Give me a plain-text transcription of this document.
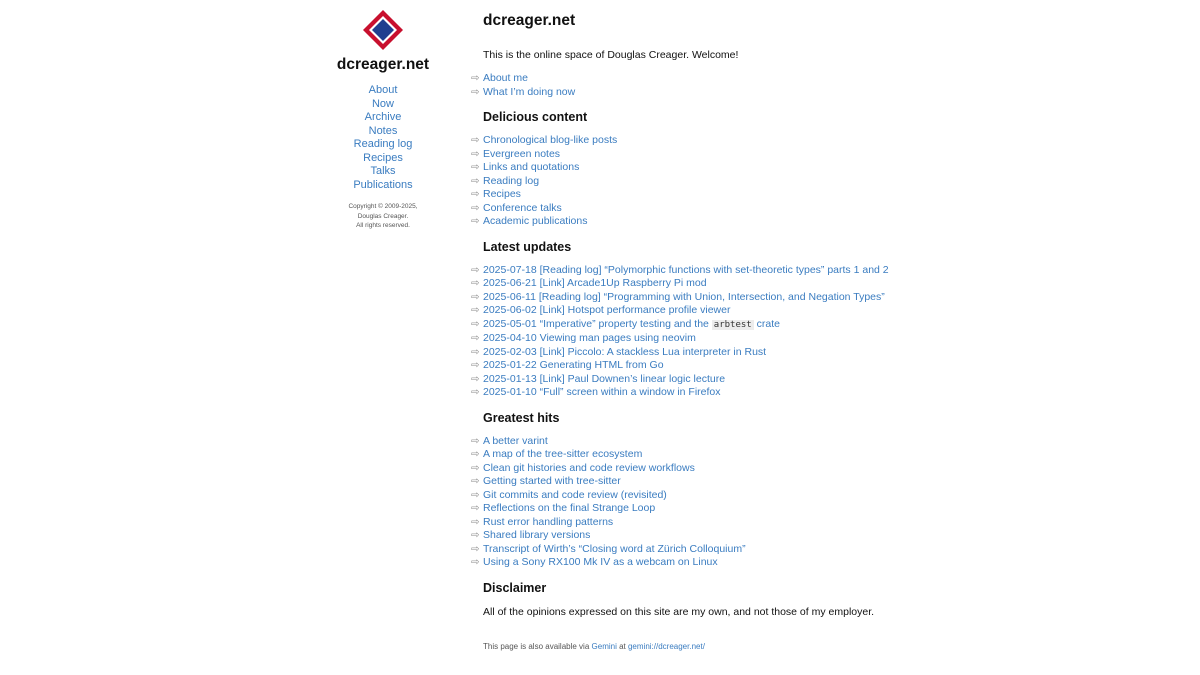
dcreager.net
About
Now
Archive
Notes
Reading log
Recipes
Talks
Publications
Copyright © 2009-2025,
Douglas Creager.
All rights reserved.
dcreager.net

This is the online space of Douglas Creager. Welcome!

⇨ About me
⇨ What I’m doing now
Delicious content
⇨ Chronological blog-like posts
⇨ Evergreen notes
⇨ Links and quotations
⇨ Reading log
⇨ Recipes
⇨ Conference talks
⇨ Academic publications
Latest updates
⇨ 2025-07-18 [Reading log] “Polymorphic functions with set-theoretic types” parts 1 and 2
⇨ 2025-06-21 [Link] Arcade1Up Raspberry Pi mod
⇨ 2025-06-11 [Reading log] “Programming with Union, Intersection, and Negation Types”
⇨ 2025-06-02 [Link] Hotspot performance profile viewer
⇨ 2025-05-01 “Imperative” property testing and the arbtest crate
⇨ 2025-04-10 Viewing man pages using neovim
⇨ 2025-02-03 [Link] Piccolo: A stackless Lua interpreter in Rust
⇨ 2025-01-22 Generating HTML from Go
⇨ 2025-01-13 [Link] Paul Downen’s linear logic lecture
⇨ 2025-01-10 “Full” screen within a window in Firefox
Greatest hits
⇨ A better varint
⇨ A map of the tree-sitter ecosystem
⇨ Clean git histories and code review workflows
⇨ Getting started with tree-sitter
⇨ Git commits and code review (revisited)
⇨ Reflections on the final Strange Loop
⇨ Rust error handling patterns
⇨ Shared library versions
⇨ Transcript of Wirth’s “Closing word at Zürich Colloquium”
⇨ Using a Sony RX100 Mk IV as a webcam on Linux
Disclaimer

All of the opinions expressed on this site are my own, and not those of my employer.

This page is also available via Gemini at gemini://dcreager.net/
